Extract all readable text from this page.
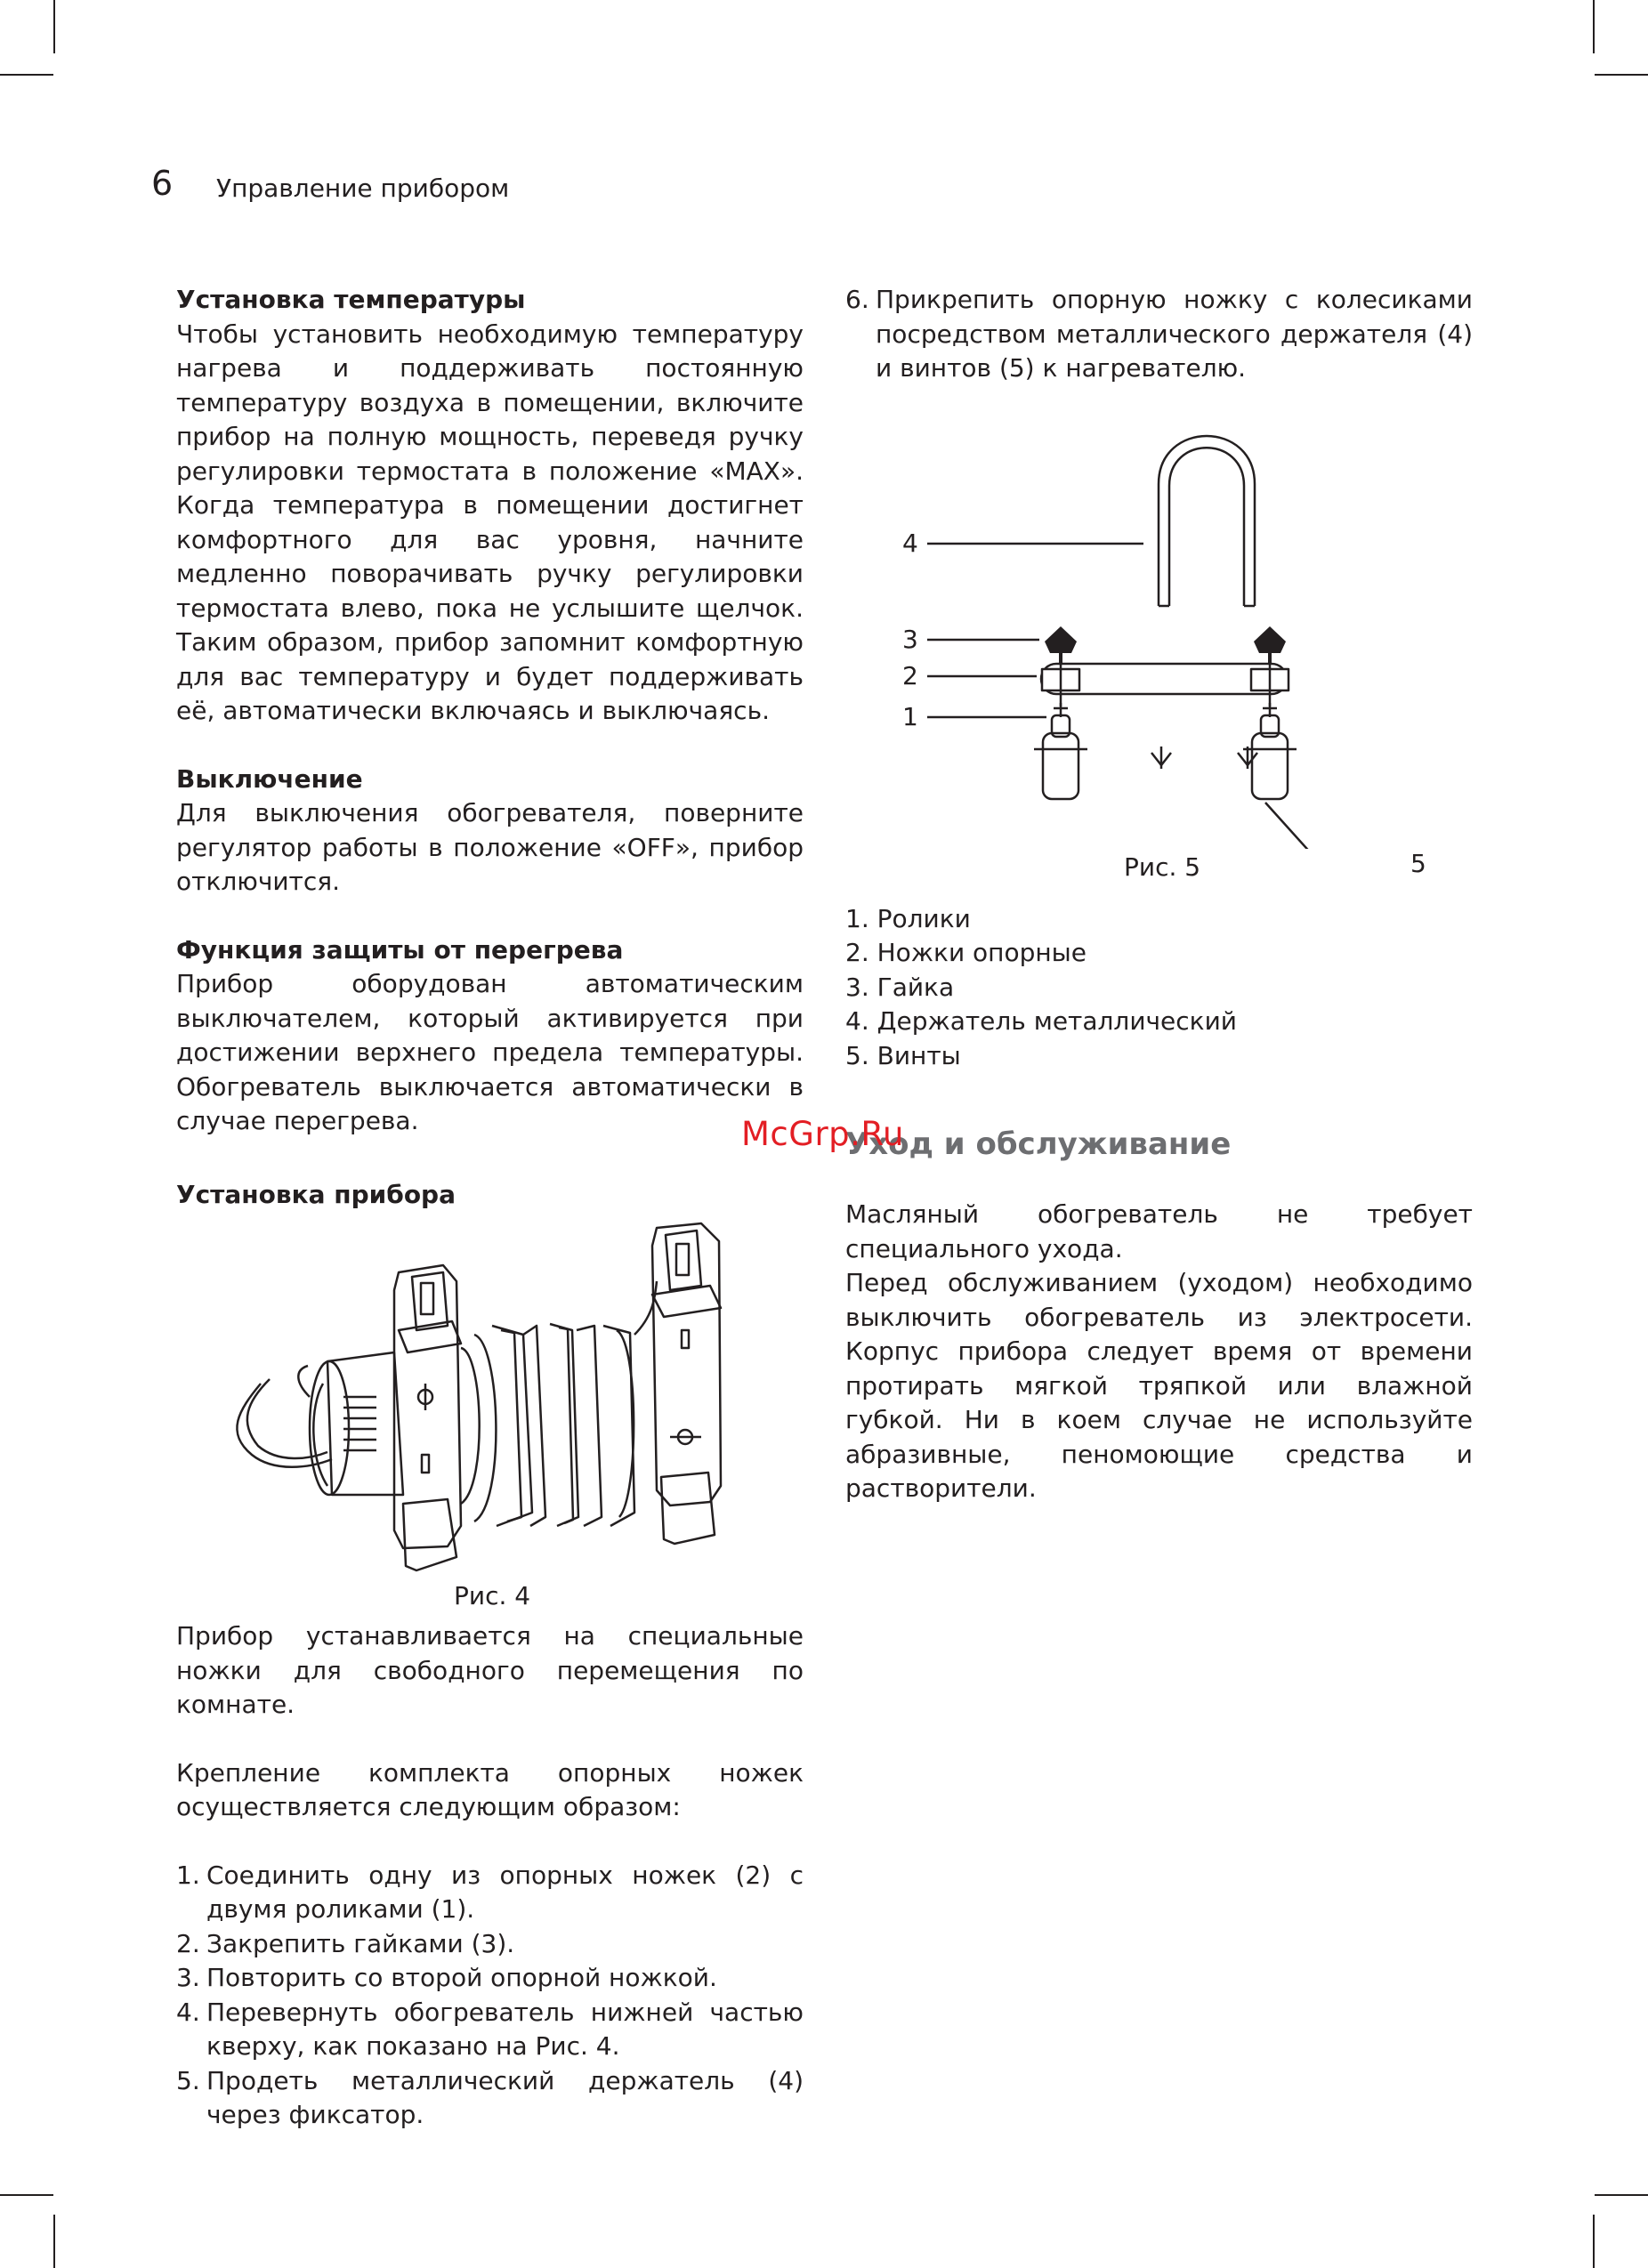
6 Управление прибором

Установка температуры

Чтобы установить необходимую температуру нагрева и поддерживать постоянную температуру воздуха в помещении, включите прибор на полную мощность, переведя ручку регулировки термостата в положение «MAX». Когда температура в помещении достигнет комфортного для вас уровня, начните медленно поворачивать ручку регулировки термостата влево, пока не услышите щелчок. Таким образом, прибор запомнит комфортную для вас температуру и будет поддерживать её, автоматически включаясь и выключаясь.

Выключение

Для выключения обогревателя, поверните регулятор работы в положение «OFF», прибор отключится.

Функция защиты от перегрева

Прибор оборудован автоматическим выключателем, который активируется при достижении верхнего предела температуры. Обогреватель выключается автоматически в случае перегрева.

Установка прибора

Рис. 4

Прибор устанавливается на специальные ножки для свободного перемещения по комнате.

Крепление комплекта опорных ножек осуществляется следующим образом:

1. Соединить одну из опорных ножек (2) с двумя роликами (1).
2. Закрепить гайками (3).
3. Повторить со второй опорной ножкой.
4. Перевернуть обогреватель нижней частью кверху, как показано на Рис. 4.
5. Продеть металлический держатель (4) через фиксатор.
6. Прикрепить опорную ножку с колесиками посредством металлического держателя (4) и винтов (5) к нагревателю.
4
3
2
1
5
Рис. 5
1. Ролики
2. Ножки опорные
3. Гайка
4. Держатель металлический
5. Винты

Уход и обслуживание

Масляный обогреватель не требует специального ухода.

Перед обслуживанием (уходом) необходимо выключить обогреватель из электросети. Корпус прибора следует время от времени протирать мягкой тряпкой или влажной губкой. Ни в коем случае не используйте абразивные, пеномоющие средства и растворители.

McGrp.Ru
